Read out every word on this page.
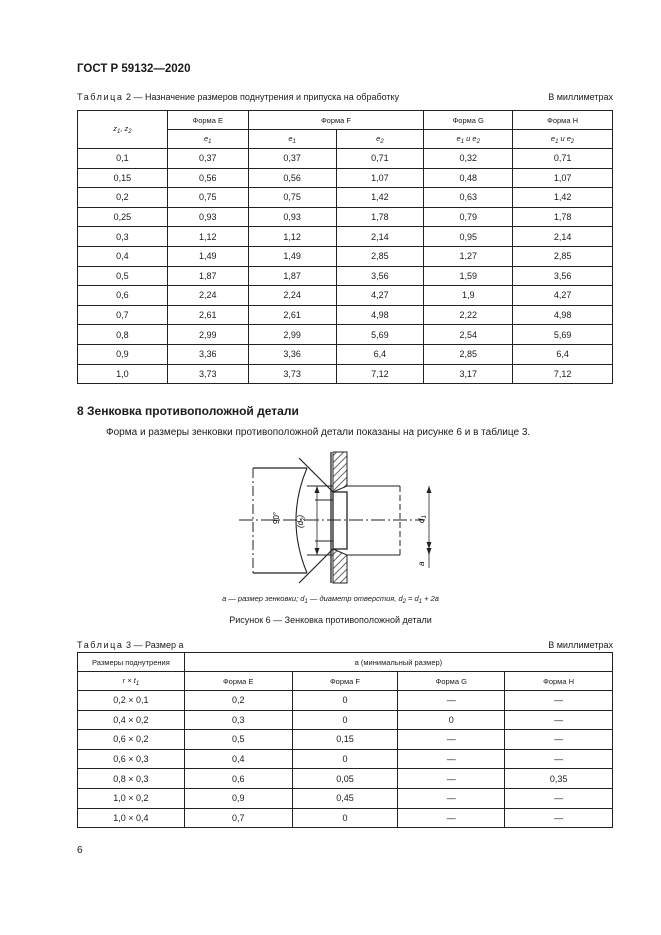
ГОСТ Р 59132—2020
Таблица 2 — Назначение размеров поднутрения и припуска на обработку	В миллиметрах
$z_1$, $z_2$	Форма E	Форма F		Форма G	Форма H
	$e_1$	$e_1$	$e_2$	$e_1$ и $e_2$	$e_1$ и $e_2$
0,1	0,37	0,37	0,71	0,32	0,71
0,15	0,56	0,56	1,07	0,48	1,07
0,2	0,75	0,75	1,42	0,63	1,42
0,25	0,93	0,93	1,78	0,79	1,78
0,3	1,12	1,12	2,14	0,95	2,14
0,4	1,49	1,49	2,85	1,27	2,85
0,5	1,87	1,87	3,56	1,59	3,56
0,6	2,24	2,24	4,27	1,9	4,27
0,7	2,61	2,61	4,98	2,22	4,98
0,8	2,99	2,99	5,69	2,54	5,69
0,9	3,36	3,36	6,4	2,85	6,4
1,0	3,73	3,73	7,12	3,17	7,12
8 Зенковка противоположной детали
Форма и размеры зенковки противоположной детали показаны на рисунке 6 и в таблице 3.
90°
$(d_2)$
$d_1$
a
a — размер зенковки; $d_1$ — диаметр отверстия, $d_2 = d_1 + 2a$
Рисунок 6 — Зенковка противоположной детали
Таблица 3 — Размер a	В миллиметрах
Размеры поднутрения	a (минимальный размер)			
$r \times t_1$	Форма E	Форма F	Форма G	Форма H
0,2 × 0,1	0,2	0	—	—
0,4 × 0,2	0,3	0	0	—
0,6 × 0,2	0,5	0,15	—	—
0,6 × 0,3	0,4	0	—	—
0,8 × 0,3	0,6	0,05	—	0,35
1,0 × 0,2	0,9	0,45	—	—
1,0 × 0,4	0,7	0	—	—
6
